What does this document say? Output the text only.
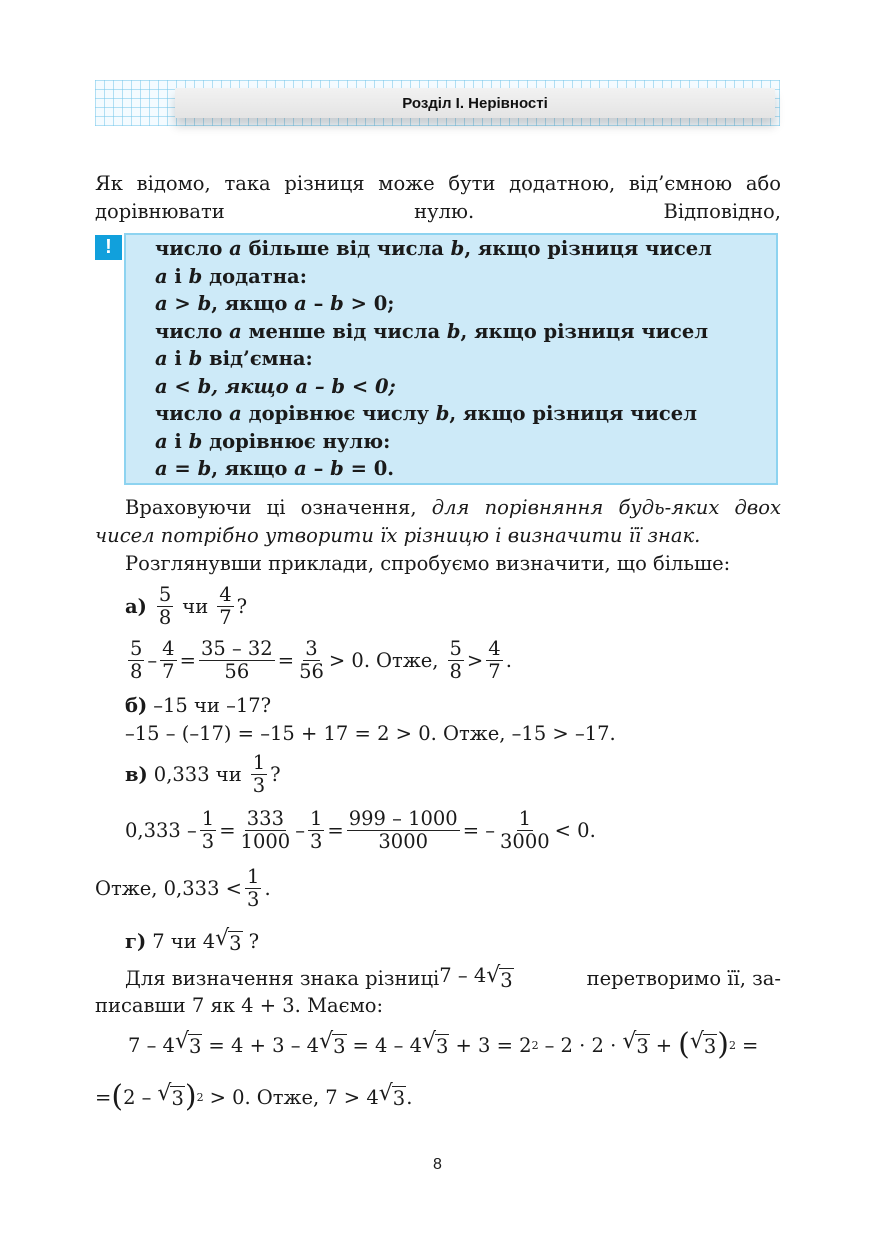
Розділ І. Нерівності

Як відомо, така різниця може бути додатною, від’ємною або дорівнювати нулю. Відповідно,

! число a більше від числа b, якщо різниця чисел
a і b додатна:
a > b, якщо a – b > 0;
число a менше від числа b, якщо різниця чисел
a і b від’ємна:
a < b, якщо a – b < 0;
число a дорівнює числу b, якщо різниця чисел
a і b дорівнює нулю:
a = b, якщо a – b = 0.

Враховуючи ці означення, для порівняння будь-яких двох чисел потрібно утворити їх різницю і визначити її знак.

Розглянувши приклади, спробуємо визначити, що більше:

$а) \frac{5}{8}$ чи $\frac{4}{7}$ ?
$\frac{5}{8} - \frac{4}{7} = \frac{35 - 32}{56} = \frac{3}{56} > 0$. Отже, $\frac{5}{8} > \frac{4}{7}$ .
б) –15 чи –17?
–15 – (–17) = –15 + 17 = 2 > 0. Отже, –15 > –17.
в) 0,333 чи $\frac{1}{3}$ ?
$0,333 - \frac{1}{3} = \frac{333}{1000} - \frac{1}{3} = \frac{999 - 1000}{3000}$ = – $\frac{1}{3000} < 0$.
Отже, $0,333 < \frac{1}{3}$ .
г) 7 чи 4 √ 3 ?
Для визначення знака різниці 7 – 4 √ 3	перетворимо її, за-
писавши 7 як 4 + 3. Маємо:
7 – 4 √ 3 = 4 + 3 – 4 √ 3 = 4 – 4 √ 3 + 3 = 2 2 – 2 · 2 · √ 3 + ( √ 3 ) 2 =
= ( 2 – √ 3 ) 2 > 0. Отже, 7 > 4 √ 3 .
8
